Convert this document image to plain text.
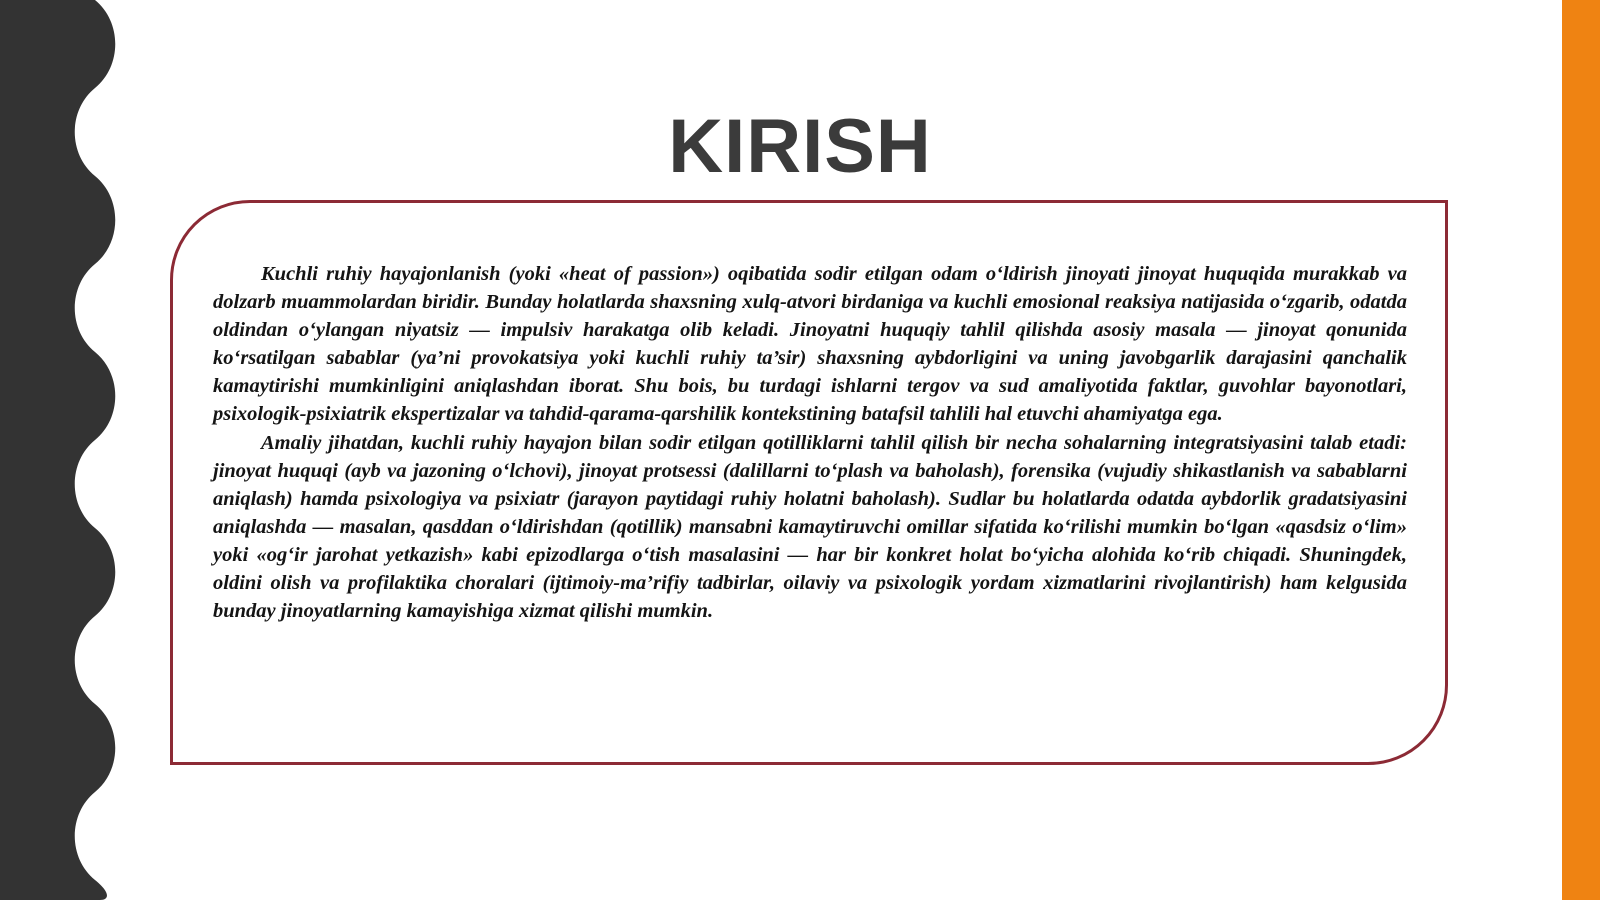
KIRISH

Kuchli ruhiy hayajonlanish (yoki «heat of passion») oqibatida sodir etilgan odam o‘ldirish jinoyati jinoyat huquqida murakkab va dolzarb muammolardan biridir. Bunday holatlarda shaxsning xulq-atvori birdaniga va kuchli emosional reaksiya natijasida o‘zgarib, odatda oldindan o‘ylangan niyatsiz — impulsiv harakatga olib keladi. Jinoyatni huquqiy tahlil qilishda asosiy masala — jinoyat qonunida ko‘rsatilgan sabablar (ya’ni provokatsiya yoki kuchli ruhiy ta’sir) shaxsning aybdorligini va uning javobgarlik darajasini qanchalik kamaytirishi mumkinligini aniqlashdan iborat. Shu bois, bu turdagi ishlarni tergov va sud amaliyotida faktlar, guvohlar bayonotlari, psixologik-psixiatrik ekspertizalar va tahdid-qarama-qarshilik kontekstining batafsil tahlili hal etuvchi ahamiyatga ega.

Amaliy jihatdan, kuchli ruhiy hayajon bilan sodir etilgan qotilliklarni tahlil qilish bir necha sohalarning integratsiyasini talab etadi: jinoyat huquqi (ayb va jazoning o‘lchovi), jinoyat protsessi (dalillarni to‘plash va baholash), forensika (vujudiy shikastlanish va sabablarni aniqlash) hamda psixologiya va psixiatr (jarayon paytidagi ruhiy holatni baholash). Sudlar bu holatlarda odatda aybdorlik gradatsiyasini aniqlashda — masalan, qasddan o‘ldirishdan (qotillik) mansabni kamaytiruvchi omillar sifatida ko‘rilishi mumkin bo‘lgan «qasdsiz o‘lim» yoki «og‘ir jarohat yetkazish» kabi epizodlarga o‘tish masalasini — har bir konkret holat bo‘yicha alohida ko‘rib chiqadi. Shuningdek, oldini olish va profilaktika choralari (ijtimoiy-ma’rifiy tadbirlar, oilaviy va psixologik yordam xizmatlarini rivojlantirish) ham kelgusida bunday jinoyatlarning kamayishiga xizmat qilishi mumkin.
